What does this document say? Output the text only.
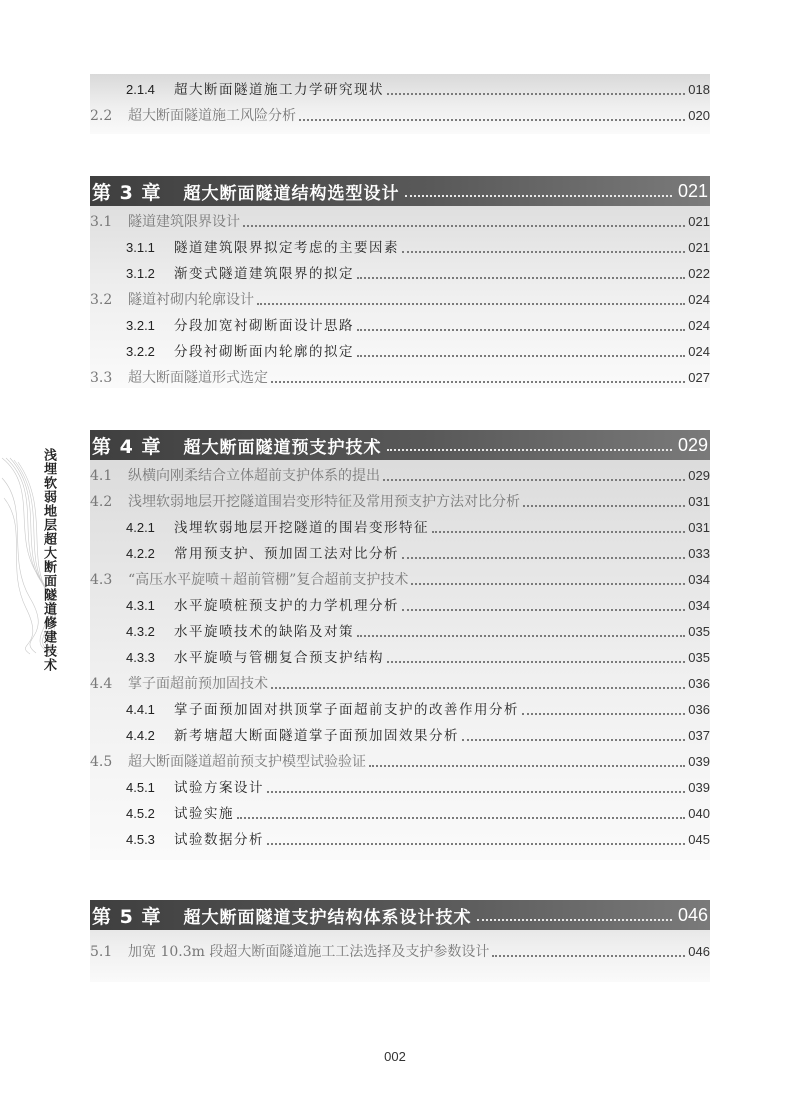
浅埋软弱地层超大断面隧道修建技术
2.1.4	超大断面隧道施工力学研究现状	018
2.2	超大断面隧道施工风险分析	020
第 3 章 超大断面隧道结构选型设计	021
3.1	隧道建筑限界设计	021
3.1.1	隧道建筑限界拟定考虑的主要因素	021
3.1.2	渐变式隧道建筑限界的拟定	022
3.2	隧道衬砌内轮廓设计	024
3.2.1	分段加宽衬砌断面设计思路	024
3.2.2	分段衬砌断面内轮廓的拟定	024
3.3	超大断面隧道形式选定	027
第 4 章 超大断面隧道预支护技术	029
4.1	纵横向刚柔结合立体超前支护体系的提出	029
4.2	浅埋软弱地层开挖隧道围岩变形特征及常用预支护方法对比分析	031
4.2.1	浅埋软弱地层开挖隧道的围岩变形特征	031
4.2.2	常用预支护、预加固工法对比分析	033
4.3	“高压水平旋喷＋超前管棚”复合超前支护技术	034
4.3.1	水平旋喷桩预支护的力学机理分析	034
4.3.2	水平旋喷技术的缺陷及对策	035
4.3.3	水平旋喷与管棚复合预支护结构	035
4.4	掌子面超前预加固技术	036
4.4.1	掌子面预加固对拱顶掌子面超前支护的改善作用分析	036
4.4.2	新考塘超大断面隧道掌子面预加固效果分析	037
4.5	超大断面隧道超前预支护模型试验验证	039
4.5.1	试验方案设计	039
4.5.2	试验实施	040
4.5.3	试验数据分析	045
第 5 章 超大断面隧道支护结构体系设计技术	046
5.1	加宽 10.3m 段超大断面隧道施工工法选择及支护参数设计	046
002
